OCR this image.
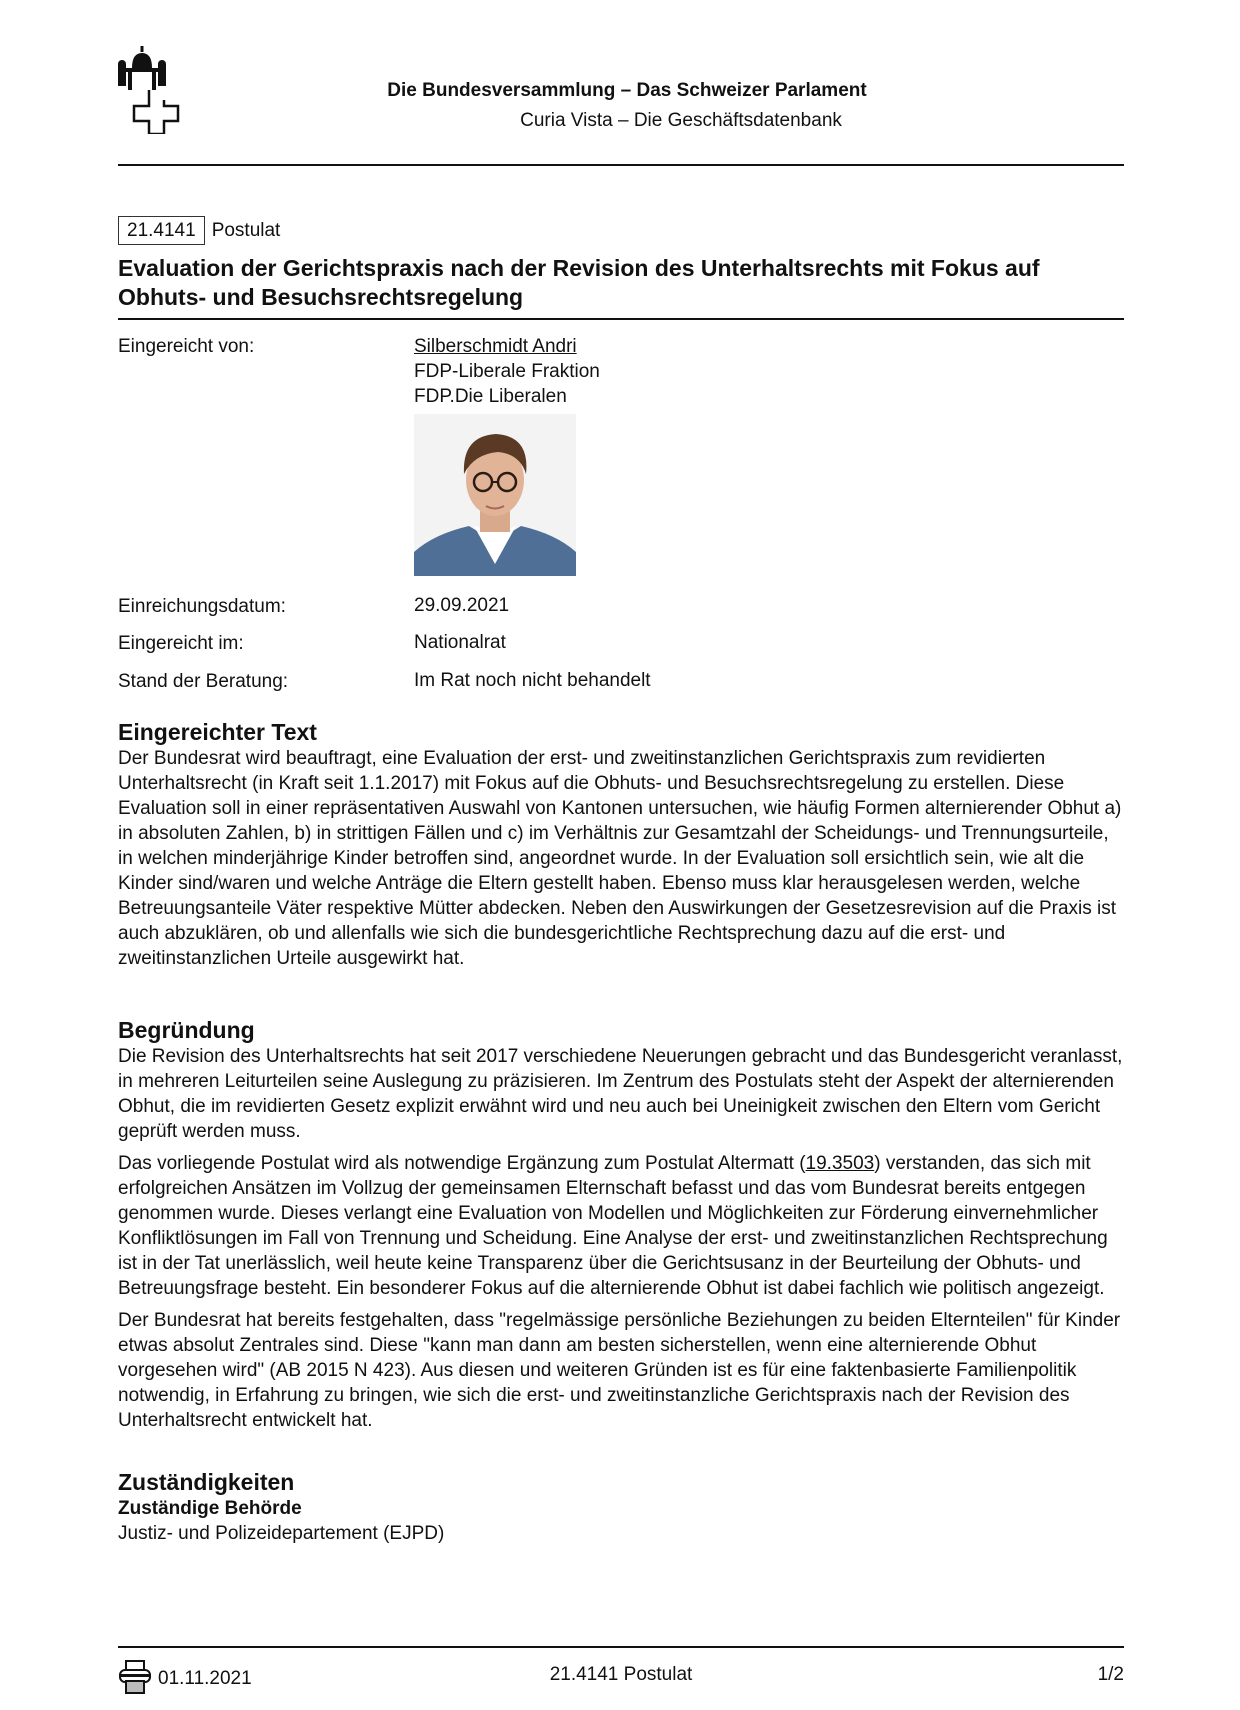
Die Bundesversammlung – Das Schweizer Parlament
Curia Vista – Die Geschäftsdatenbank
21.4141 Postulat
Evaluation der Gerichtspraxis nach der Revision des Unterhaltsrechts mit Fokus auf Obhuts- und Besuchsrechtsregelung
Eingereicht von:	Silberschmidt Andri
FDP-Liberale Fraktion
FDP.Die Liberalen
Einreichungsdatum:	29.09.2021
Eingereicht im:	Nationalrat
Stand der Beratung:	Im Rat noch nicht behandelt
Eingereichter Text

Der Bundesrat wird beauftragt, eine Evaluation der erst- und zweitinstanzlichen Gerichtspraxis zum revidierten Unterhaltsrecht (in Kraft seit 1.1.2017) mit Fokus auf die Obhuts- und Besuchsrechtsregelung zu erstellen. Diese Evaluation soll in einer repräsentativen Auswahl von Kantonen untersuchen, wie häufig Formen alternierender Obhut a) in absoluten Zahlen, b) in strittigen Fällen und c) im Verhältnis zur Gesamtzahl der Scheidungs- und Trennungsurteile, in welchen minderjährige Kinder betroffen sind, angeordnet wurde. In der Evaluation soll ersichtlich sein, wie alt die Kinder sind/waren und welche Anträge die Eltern gestellt haben. Ebenso muss klar herausgelesen werden, welche Betreuungsanteile Väter respektive Mütter abdecken. Neben den Auswirkungen der Gesetzesrevision auf die Praxis ist auch abzuklären, ob und allenfalls wie sich die bundesgerichtliche Rechtsprechung dazu auf die erst- und zweitinstanzlichen Urteile ausgewirkt hat.

Begründung

Die Revision des Unterhaltsrechts hat seit 2017 verschiedene Neuerungen gebracht und das Bundesgericht veranlasst, in mehreren Leiturteilen seine Auslegung zu präzisieren. Im Zentrum des Postulats steht der Aspekt der alternierenden Obhut, die im revidierten Gesetz explizit erwähnt wird und neu auch bei Uneinigkeit zwischen den Eltern vom Gericht geprüft werden muss.

Das vorliegende Postulat wird als notwendige Ergänzung zum Postulat Altermatt (19.3503) verstanden, das sich mit erfolgreichen Ansätzen im Vollzug der gemeinsamen Elternschaft befasst und das vom Bundesrat bereits entgegen genommen wurde. Dieses verlangt eine Evaluation von Modellen und Möglichkeiten zur Förderung einvernehmlicher Konfliktlösungen im Fall von Trennung und Scheidung. Eine Analyse der erst- und zweitinstanzlichen Rechtsprechung ist in der Tat unerlässlich, weil heute keine Transparenz über die Gerichtsusanz in der Beurteilung der Obhuts- und Betreuungsfrage besteht. Ein besonderer Fokus auf die alternierende Obhut ist dabei fachlich wie politisch angezeigt.

Der Bundesrat hat bereits festgehalten, dass "regelmässige persönliche Beziehungen zu beiden Elternteilen" für Kinder etwas absolut Zentrales sind. Diese "kann man dann am besten sicherstellen, wenn eine alternierende Obhut vorgesehen wird" (AB 2015 N 423). Aus diesen und weiteren Gründen ist es für eine faktenbasierte Familienpolitik notwendig, in Erfahrung zu bringen, wie sich die erst- und zweitinstanzliche Gerichtspraxis nach der Revision des Unterhaltsrecht entwickelt hat.

Zuständigkeiten
Zuständige Behörde

Justiz- und Polizeidepartement (EJPD)

01.11.2021	21.4141 Postulat	1/2
